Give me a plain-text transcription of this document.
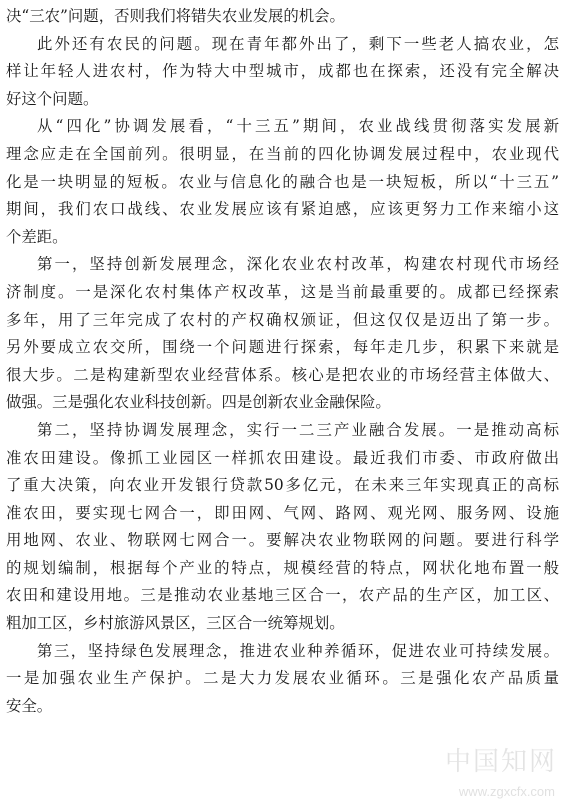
决“三农”问题，否则我们将错失农业发展的机会。
此外还有农民的问题。现在青年都外出了，剩下一些老人搞农业，怎
样让年轻人进农村，作为特大中型城市，成都也在探索，还没有完全解决
好这个问题。
从“四化”协调发展看，“十三五”期间，农业战线贯彻落实发展新
理念应走在全国前列。很明显，在当前的四化协调发展过程中，农业现代
化是一块明显的短板。农业与信息化的融合也是一块短板，所以“十三五”
期间，我们农口战线、农业发展应该有紧迫感，应该更努力工作来缩小这
个差距。
第一，坚持创新发展理念，深化农业农村改革，构建农村现代市场经
济制度。一是深化农村集体产权改革，这是当前最重要的。成都已经探索
多年，用了三年完成了农村的产权确权颁证，但这仅仅是迈出了第一步。
另外要成立农交所，围绕一个问题进行探索，每年走几步，积累下来就是
很大步。二是构建新型农业经营体系。核心是把农业的市场经营主体做大、
做强。三是强化农业科技创新。四是创新农业金融保险。
第二，坚持协调发展理念，实行一二三产业融合发展。一是推动高标
准农田建设。像抓工业园区一样抓农田建设。最近我们市委、市政府做出
了重大决策，向农业开发银行贷款50多亿元，在未来三年实现真正的高标
准农田，要实现七网合一，即田网、气网、路网、观光网、服务网、设施
用地网、农业、物联网七网合一。要解决农业物联网的问题。要进行科学
的规划编制，根据每个产业的特点，规模经营的特点，网状化地布置一般
农田和建设用地。三是推动农业基地三区合一，农产品的生产区，加工区、
粗加工区，乡村旅游风景区，三区合一统筹规划。
第三，坚持绿色发展理念，推进农业种养循环，促进农业可持续发展。
一是加强农业生产保护。二是大力发展农业循环。三是强化农产品质量
安全。
中国知网
www.zgxcfx.com
